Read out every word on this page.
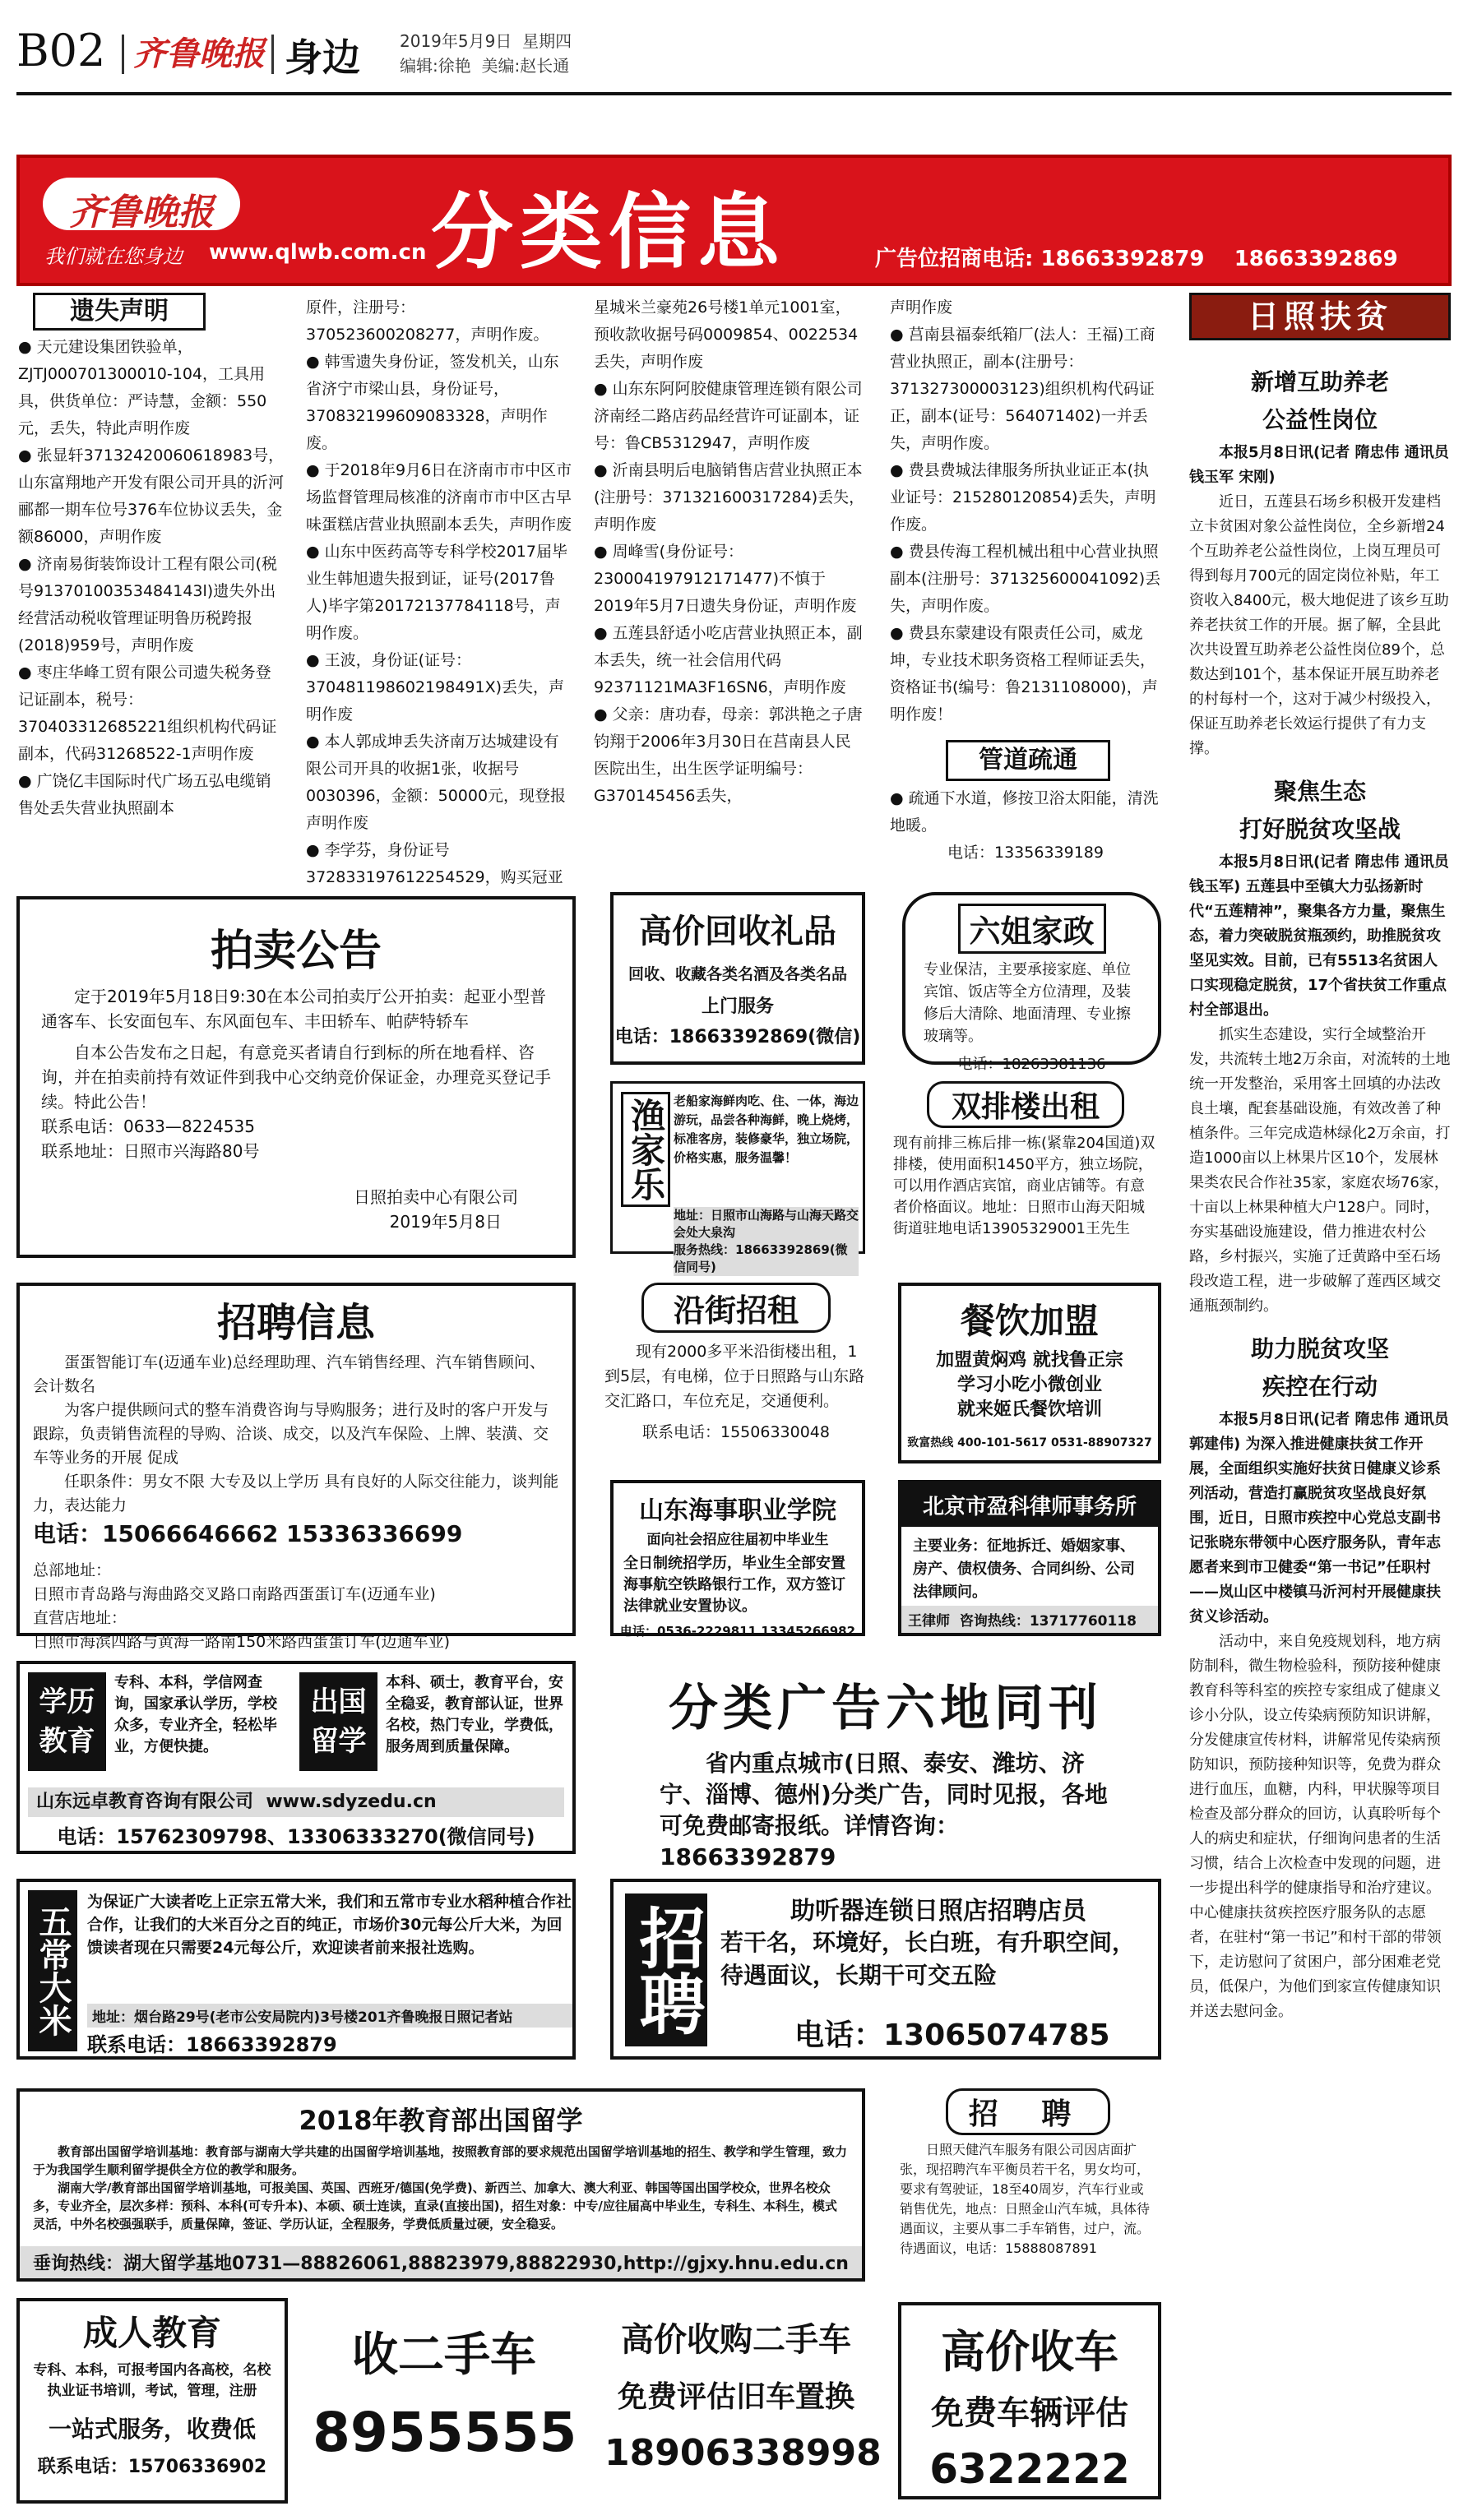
B02 齐鲁晚报 身边 2019年5月9日 星期四
编辑:徐艳 美编:赵长通
齐鲁晚报
我们就在您身边 www.qlwb.com.cn 分类信息	广告位招商电话: 18663392879 18663392869
遗失声明

● 天元建设集团铁验单，ZJTJ000701300010-104，工具用具，供货单位：严诗慧，金额：550元，丢失，特此声明作废

● 张显轩37132420060618983号，山东富翔地产开发有限公司开具的沂河郦都一期车位号376车位协议丢失，金额86000，声明作废

● 济南易街装饰设计工程有限公司(税号91370100353484143l)遗失外出经营活动税收管理证明鲁历税跨报(2018)959号，声明作废

● 枣庄华峰工贸有限公司遗失税务登记证副本，税号：370403312685221组织机构代码证副本，代码31268522-1声明作废

● 广饶亿丰国际时代广场五弘电缆销售处丢失营业执照副本

原件，注册号：370523600208277，声明作废。

● 韩雪遗失身份证，签发机关，山东省济宁市梁山县，身份证号，370832199609083328，声明作废。

● 于2018年9月6日在济南市市中区市场监督管理局核准的济南市市中区古早味蛋糕店营业执照副本丢失，声明作废

● 山东中医药高等专科学校2017届毕业生韩旭遗失报到证，证号(2017鲁人)毕字第20172137784118号，声明作废。

● 王波，身份证(证号：370481198602198491X)丢失，声明作废

● 本人郭成坤丢失济南万达城建设有限公司开具的收据1张，收据号0030396，金额：50000元，现登报声明作废

● 李学芬，身份证号372833197612254529，购买冠亚

星城米兰豪苑26号楼1单元1001室，预收款收据号码0009854、0022534丢失，声明作废

● 山东东阿阿胶健康管理连锁有限公司济南经二路店药品经营许可证副本，证号：鲁CB5312947，声明作废

● 沂南县明后电脑销售店营业执照正本(注册号：371321600317284)丢失，声明作废

● 周峰雪(身份证号：230004197912171477)不慎于2019年5月7日遗失身份证，声明作废

● 五莲县舒适小吃店营业执照正本，副本丢失，统一社会信用代码92371121MA3F16SN6，声明作废

● 父亲：唐功春，母亲：郭洪艳之子唐钧翔于2006年3月30日在莒南县人民医院出生，出生医学证明编号：G370145456丢失，

声明作废

● 莒南县福泰纸箱厂(法人：王福)工商营业执照正，副本(注册号：371327300003123)组织机构代码证正，副本(证号：564071402)一并丢失，声明作废。

● 费县费城法律服务所执业证正本(执业证号：215280120854)丢失，声明作废。

● 费县传海工程机械出租中心营业执照副本(注册号：371325600041092)丢失，声明作废。

● 费县东蒙建设有限责任公司，威龙坤，专业技术职务资格工程师证丢失，资格证书(编号：鲁2131108000)，声明作废！

管道疏通

● 疏通下水道，修按卫浴太阳能，清洗地暖。

电话：13356339189

日照扶贫
新增互助养老
公益性岗位

本报5月8日讯(记者 隋忠伟 通讯员 钱玉军 宋刚)

近日，五莲县石场乡积极开发建档立卡贫困对象公益性岗位，全乡新增24个互助养老公益性岗位，上岗互理员可得到每月700元的固定岗位补贴，年工资收入8400元，极大地促进了该乡互助养老扶贫工作的开展。据了解，全县此次共设置互助养老公益性岗位89个，总数达到101个，基本保证开展互助养老的村每村一个，这对于减少村级投入，保证互助养老长效运行提供了有力支撑。

聚焦生态
打好脱贫攻坚战

本报5月8日讯(记者 隋忠伟 通讯员 钱玉军) 五莲县中至镇大力弘扬新时代“五莲精神”，聚集各方力量，聚焦生态，着力突破脱贫瓶颈约，助推脱贫攻坚见实效。目前，已有5513名贫困人口实现稳定脱贫，17个省扶贫工作重点村全部退出。

抓实生态建设，实行全域整治开发，共流转土地2万余亩，对流转的土地统一开发整治，采用客土回填的办法改良土壤，配套基础设施，有效改善了种植条件。三年完成造林绿化2万余亩，打造1000亩以上林果片区10个，发展林果类农民合作社35家，家庭农场76家，十亩以上林果种植大户128户。同时，夯实基础设施建设，借力推进农村公路，乡村振兴，实施了迁黄路中至石场段改造工程，进一步破解了莲西区域交通瓶颈制约。

助力脱贫攻坚
疾控在行动

本报5月8日讯(记者 隋忠伟 通讯员 郭建伟) 为深入推进健康扶贫工作开展，全面组织实施好扶贫日健康义诊系列活动，营造打赢脱贫攻坚战良好氛围，近日，日照市疾控中心党总支副书记张晓东带领中心医疗服务队，青年志愿者来到市卫健委“第一书记”任职村——岚山区中楼镇马沂河村开展健康扶贫义诊活动。

活动中，来自免疫规划科，地方病防制科，微生物检验科，预防接种健康教育科等科室的疾控专家组成了健康义诊小分队，设立传染病预防知识讲解，分发健康宣传材料，讲解常见传染病预防知识，预防接种知识等，免费为群众进行血压，血糖，内科，甲状腺等项目检查及部分群众的回访，认真聆听每个人的病史和症状，仔细询问患者的生活习惯，结合上次检查中发现的问题，进一步提出科学的健康指导和治疗建议。中心健康扶贫疾控医疗服务队的志愿者，在驻村“第一书记”和村干部的带领下，走访慰问了贫困户，部分困难老党员，低保户，为他们到家宣传健康知识并送去慰问金。

拍卖公告

定于2019年5月18日9:30在本公司拍卖厅公开拍卖：起亚小型普通客车、长安面包车、东风面包车、丰田轿车、帕萨特轿车

自本公告发布之日起，有意竞买者请自行到标的所在地看样、咨询，并在拍卖前持有效证件到我中心交纳竞价保证金，办理竞买登记手续。特此公告！

联系电话：0633—8224535

联系地址：日照市兴海路80号

日照拍卖中心有限公司

2019年5月8日

高价回收礼品
回收、收藏各类名酒及各类名品
上门服务
电话：18663392869(微信)
六姐家政
专业保洁，主要承接家庭、单位宾馆、饭店等全方位清理，及装修后大清除、地面清理、专业擦玻璃等。
电话：18263381136
渔家乐 老船家海鲜肉吃、住、一体，海边游玩，品尝各种海鲜，晚上烧烤，标准客房，装修豪华，独立场院，价格实惠，服务温馨！
地址：日照市山海路与山海天路交会处大泉沟
服务热线：18663392869(微信同号)
双排楼出租
现有前排三栋后排一栋(紧靠204国道)双排楼，使用面积1450平方，独立场院，可以用作酒店宾馆，商业店铺等。有意者价格面议。地址：日照市山海天阳城街道驻地电话13905329001王先生
招聘信息

蛋蛋智能订车(迈通车业)总经理助理、汽车销售经理、汽车销售顾问、会计数名

为客户提供顾问式的整车消费咨询与导购服务；进行及时的客户开发与跟踪，负责销售流程的导购、洽谈、成交，以及汽车保险、上牌、装潢、交车等业务的开展 促成

任职条件：男女不限 大专及以上学历 具有良好的人际交往能力，谈判能力，表达能力

电话：15066646662 15336336699

总部地址：

日照市青岛路与海曲路交叉路口南路西蛋蛋订车(迈通车业)

直营店地址：

日照市海滨四路与黄海一路南150米路西蛋蛋订车(迈通车业)

沿街招租
现有2000多平米沿街楼出租，1到5层，有电梯，位于日照路与山东路交汇路口，车位充足，交通便利。
联系电话：15506330048
餐饮加盟
加盟黄焖鸡 就找鲁正宗
学习小吃小微创业
就来姬氏餐饮培训
致富热线 400-101-5617 0531-88907327
山东海事职业学院
面向社会招应往届初中毕业生
全日制统招学历，毕业生全部安置海事航空铁路银行工作，双方签订法律就业安置协议。
电话：0536-2229811 13345266982
北京市盈科律师事务所
主要业务：征地拆迁、婚姻家事、房产、债权债务、合同纠纷、公司法律顾问。
王律师 咨询热线：13717760118
学历教育
专科、本科，学信网查询，国家承认学历，学校众多，专业齐全，轻松毕业，方便快捷。
出国留学
本科、硕士，教育平台，安全稳妥，教育部认证，世界名校，热门专业，学费低，服务周到质量保障。
山东远卓教育咨询有限公司 www.sdyzedu.cn
电话：15762309798、13306333270(微信同号)
分类广告六地同刊
省内重点城市(日照、泰安、潍坊、济宁、淄博、德州)分类广告，同时见报，各地可免费邮寄报纸。详情咨询：18663392879
五常大米
为保证广大读者吃上正宗五常大米，我们和五常市专业水稻种植合作社合作，让我们的大米百分之百的纯正，市场价30元每公斤大米，为回馈读者现在只需要24元每公斤，欢迎读者前来报社选购。
地址：烟台路29号(老市公安局院内)3号楼201齐鲁晚报日照记者站
联系电话：18663392879
招聘	助听器连锁日照店招聘店员
若干名，环境好，长白班，有升职空间，待遇面议，长期干可交五险
电话：13065074785
2018年教育部出国留学

教育部出国留学培训基地：教育部与湖南大学共建的出国留学培训基地，按照教育部的要求规范出国留学培训基地的招生、教学和学生管理，致力于为我国学生顺利留学提供全方位的教学和服务。

湖南大学/教育部出国留学培训基地，可报美国、英国、西班牙/德国(免学费)、新西兰、加拿大、澳大利亚、韩国等国出国学校众，世界名校众多，专业齐全，层次多样：预科、本科(可专升本)、本硕、硕士连读，直录(直接出国)，招生对象：中专/应往届高中毕业生，专科生、本科生，模式灵活，中外名校强强联手，质量保障，签证、学历认证，全程服务，学费低质量过硬，安全稳妥。

垂询热线：湖大留学基地0731—88826061,88823979,88822930,http://gjxy.hnu.edu.cn
招 聘
日照天健汽车服务有限公司因店面扩张，现招聘汽车平衡员若干名，男女均可，要求有驾驶证，18至40周岁，汽车行业或销售优先，地点：日照金山汽车城，具体待遇面议，主要从事二手车销售，过户，流。待遇面议，电话：15888087891
成人教育
专科、本科，可报考国内各高校，名校执业证书培训，考试，管理，注册
一站式服务，收费低
联系电话：15706336902
收二手车
8955555
高价收购二手车
免费评估旧车置换
18906338998
高价收车
免费车辆评估
6322222
